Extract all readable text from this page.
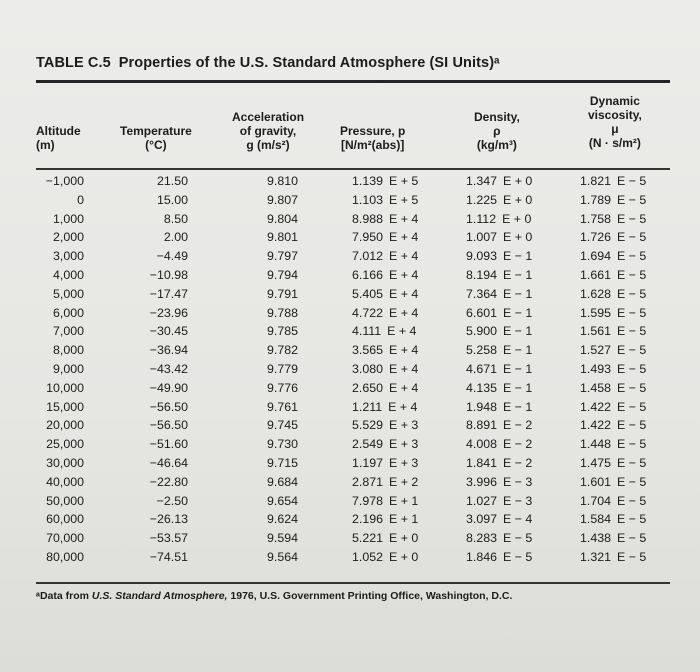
TABLE C.5 Properties of the U.S. Standard Atmosphere (SI Units)ᵃ
Altitude
(m)
Temperature
(°C)
Acceleration
of gravity,
g (m/s²)
Pressure, p
[N/m²(abs)]
Density,
ρ
(kg/m³)
Dynamic
viscosity,
μ
(N · s/m²)
−1,000
0
1,000
2,000
3,000
4,000
5,000
6,000
7,000
8,000
9,000
10,000
15,000
20,000
25,000
30,000
40,000
50,000
60,000
70,000
80,000
21.50
15.00
8.50
2.00
−4.49
−10.98
−17.47
−23.96
−30.45
−36.94
−43.42
−49.90
−56.50
−56.50
−51.60
−46.64
−22.80
−2.50
−26.13
−53.57
−74.51
9.810
9.807
9.804
9.801
9.797
9.794
9.791
9.788
9.785
9.782
9.779
9.776
9.761
9.745
9.730
9.715
9.684
9.654
9.624
9.594
9.564
1.139 E + 5
1.103 E + 5
8.988 E + 4
7.950 E + 4
7.012 E + 4
6.166 E + 4
5.405 E + 4
4.722 E + 4
4.111 E + 4
3.565 E + 4
3.080 E + 4
2.650 E + 4
1.211 E + 4
5.529 E + 3
2.549 E + 3
1.197 E + 3
2.871 E + 2
7.978 E + 1
2.196 E + 1
5.221 E + 0
1.052 E + 0
1.347 E + 0
1.225 E + 0
1.112 E + 0
1.007 E + 0
9.093 E − 1
8.194 E − 1
7.364 E − 1
6.601 E − 1
5.900 E − 1
5.258 E − 1
4.671 E − 1
4.135 E − 1
1.948 E − 1
8.891 E − 2
4.008 E − 2
1.841 E − 2
3.996 E − 3
1.027 E − 3
3.097 E − 4
8.283 E − 5
1.846 E − 5
1.821 E − 5
1.789 E − 5
1.758 E − 5
1.726 E − 5
1.694 E − 5
1.661 E − 5
1.628 E − 5
1.595 E − 5
1.561 E − 5
1.527 E − 5
1.493 E − 5
1.458 E − 5
1.422 E − 5
1.422 E − 5
1.448 E − 5
1.475 E − 5
1.601 E − 5
1.704 E − 5
1.584 E − 5
1.438 E − 5
1.321 E − 5
ᵃData from U.S. Standard Atmosphere, 1976, U.S. Government Printing Office, Washington, D.C.
